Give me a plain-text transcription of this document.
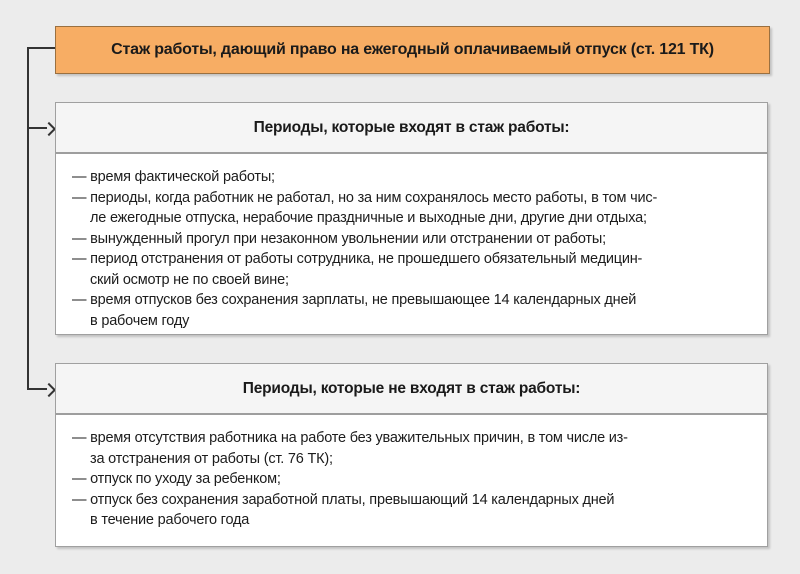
Стаж работы, дающий право на ежегодный оплачиваемый отпуск (ст. 121 ТК)
Периоды, которые входят в стаж работы:
— время фактической работы;
— периоды, когда работник не работал, но за ним сохранялось место работы, в том чис-
ле ежегодные отпуска, нерабочие праздничные и выходные дни, другие дни отдыха;
— вынужденный прогул при незаконном увольнении или отстранении от работы;
— период отстранения от работы сотрудника, не прошедшего обязательный медицин-
ский осмотр не по своей вине;
— время отпусков без сохранения зарплаты, не превышающее 14 календарных дней
в рабочем году
Периоды, которые не входят в стаж работы:
— время отсутствия работника на работе без уважительных причин, в том числе из-
за отстранения от работы (ст. 76 ТК);
— отпуск по уходу за ребенком;
— отпуск без сохранения заработной платы, превышающий 14 календарных дней
в течение рабочего года
